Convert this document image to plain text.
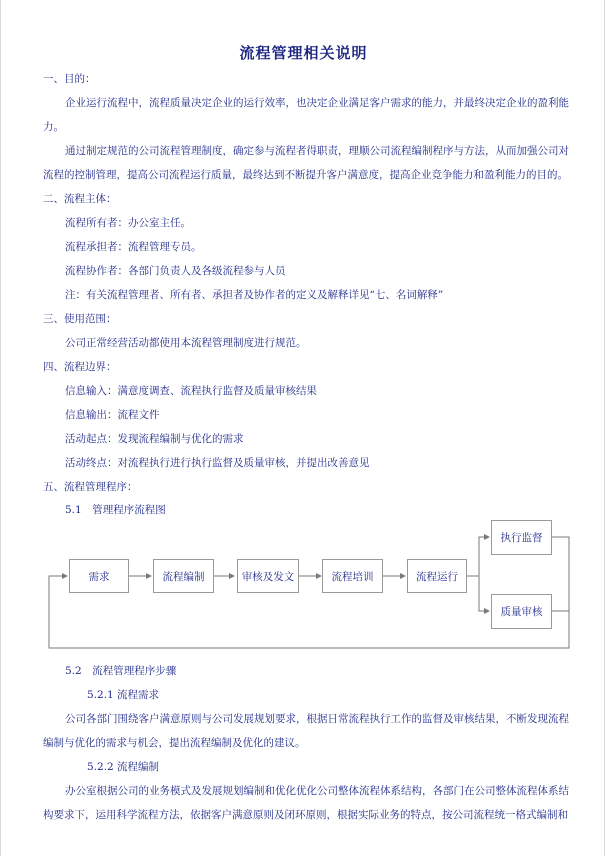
流程管理相关说明
一、目的：
企业运行流程中，流程质量决定企业的运行效率，也决定企业满足客户需求的能力，并最终决定企业的盈利能
力。
通过制定规范的公司流程管理制度，确定参与流程者得职责，理顺公司流程编制程序与方法，从而加强公司对
流程的控制管理，提高公司流程运行质量，最终达到不断提升客户满意度，提高企业竞争能力和盈利能力的目的。
二、流程主体：
流程所有者：办公室主任。
流程承担者：流程管理专员。
流程协作者：各部门负责人及各级流程参与人员
注：有关流程管理者、所有者、承担者及协作者的定义及解释详见“七、名词解释”
三、使用范围：
公司正常经营活动都使用本流程管理制度进行规范。
四、流程边界：
信息输入：满意度调查、流程执行监督及质量审核结果
信息输出：流程文件
活动起点：发现流程编制与优化的需求
活动终点：对流程执行进行执行监督及质量审核，并提出改善意见
五、流程管理程序：
5.1　管理程序流程图
需求	流程编制	审核及发文	流程培训	流程运行
执行监督
质量审核
5.2　流程管理程序步骤
5.2.1 流程需求
公司各部门围绕客户满意原则与公司发展规划要求，根据日常流程执行工作的监督及审核结果，不断发现流程
编制与优化的需求与机会，提出流程编制及优化的建议。
5.2.2 流程编制
办公室根据公司的业务模式及发展规划编制和优化优化公司整体流程体系结构，各部门在公司整体流程体系结
构要求下，运用科学流程方法，依据客户满意原则及闭环原则，根据实际业务的特点，按公司流程统一格式编制和
